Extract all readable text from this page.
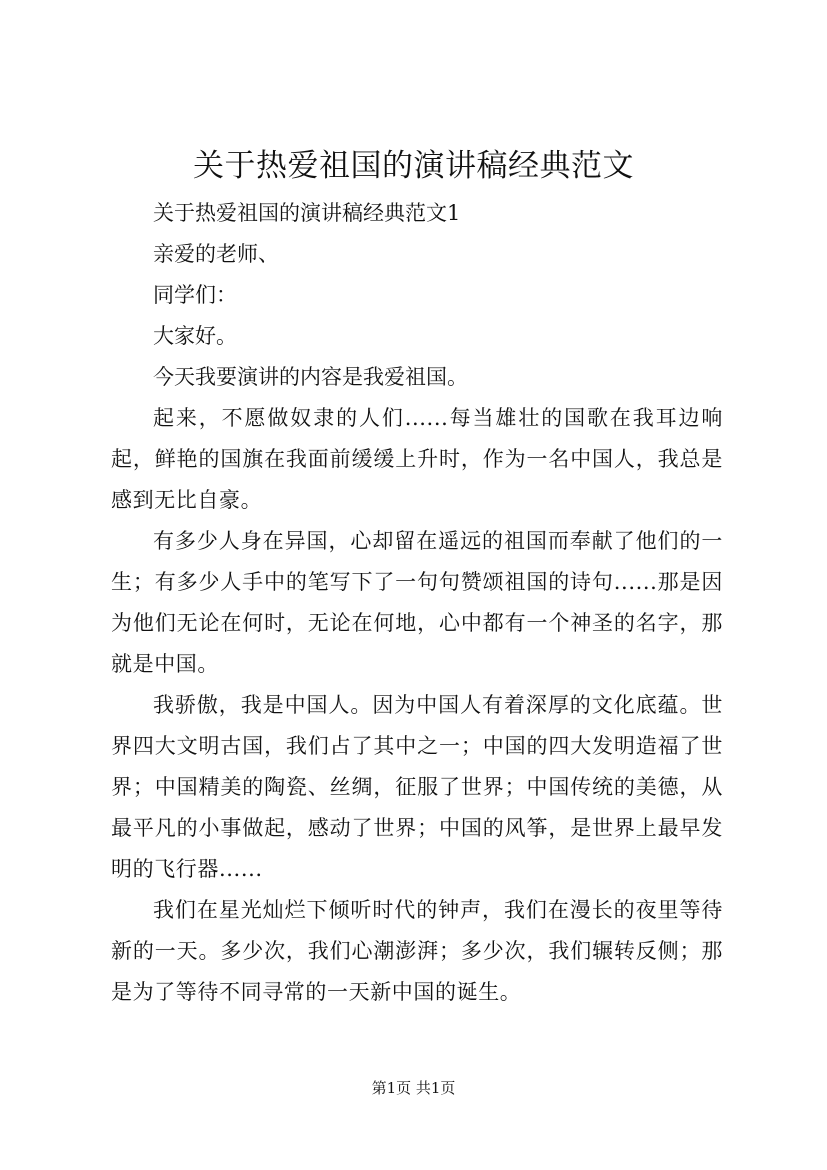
关于热爱祖国的演讲稿经典范文

关于热爱祖国的演讲稿经典范文1

亲爱的老师、

同学们：

大家好。

今天我要演讲的内容是我爱祖国。

起来，不愿做奴隶的人们......每当雄壮的国歌在我耳边响起，鲜艳的国旗在我面前缓缓上升时，作为一名中国人，我总是感到无比自豪。

有多少人身在异国，心却留在遥远的祖国而奉献了他们的一生；有多少人手中的笔写下了一句句赞颂祖国的诗句......那是因为他们无论在何时，无论在何地，心中都有一个神圣的名字，那就是中国。

我骄傲，我是中国人。因为中国人有着深厚的文化底蕴。世界四大文明古国，我们占了其中之一；中国的四大发明造福了世界；中国精美的陶瓷、丝绸，征服了世界；中国传统的美德，从最平凡的小事做起，感动了世界；中国的风筝，是世界上最早发明的飞行器......

我们在星光灿烂下倾听时代的钟声，我们在漫长的夜里等待新的一天。多少次，我们心潮澎湃；多少次，我们辗转反侧；那是为了等待不同寻常的一天新中国的诞生。

第1页 共1页
